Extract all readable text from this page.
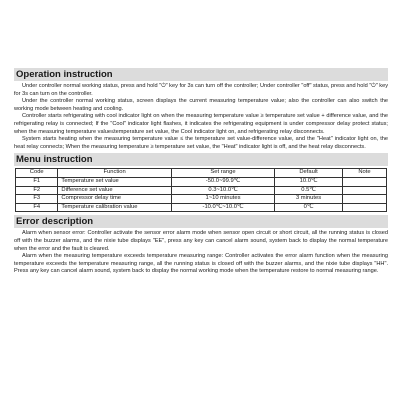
Operation instruction

Under controller normal working status, press and hold "⏻" key for 3s can turn off the controller; Under controller "off" status, press and hold "⏻" key for 3s can turn on the controller.

Under the controller normal working status, screen displays the current measuring temperature value; also the controller can also switch the working mode between heating and cooling.

Controller starts refrigerating with cool indicator light on when the measuring temperature value ≥ temperature set value + difference value, and the refrigerating relay is connected; If the "Cool" indicator light flashes, it indicates the refrigerating equipment is under compressor delay protect status; when the measuring temperature value≤temperature set value, the Cool indicator light on, and refrigerating relay disconnects.

System starts heating when the measuring temperature value ≤ the temperature set value-difference value, and the "Heat" indicator light on, the heat relay connects; When the measuring temperature ≥ temperature set value, the "Heat" indicator light is off, and the heat relay disconnects.

Menu instruction
Code	Function	Set range	Default	Note
F1	Temperature set value	-50.0~99.9℃	10.0℃	
F2	Difference set value	0.3~10.0℃	0.5℃	
F3	Compressor delay time	1~10 minutes	3 minutes	
F4	Temperature calibration value	-10.0℃~10.0℃	0℃	
Error description

Alarm when sensor error: Controller activate the sensor error alarm mode when sensor open circuit or short circuit, all the running status is closed off with the buzzer alarms, and the nixie tube displays "EE", press any key can cancel alarm sound, system back to display the normal temperature when the error and the fault is cleared.

Alarm when the measuring temperature exceeds temperature measuring range: Controller activates the error alarm function when the measuring temperature exceeds the temperature measuring range, all the running status is closed off with the buzzer alarms, and the nixie tube displays "HH". Press any key can cancel alarm sound, system back to display the normal working mode when the temperature restore to normal measuring range.
